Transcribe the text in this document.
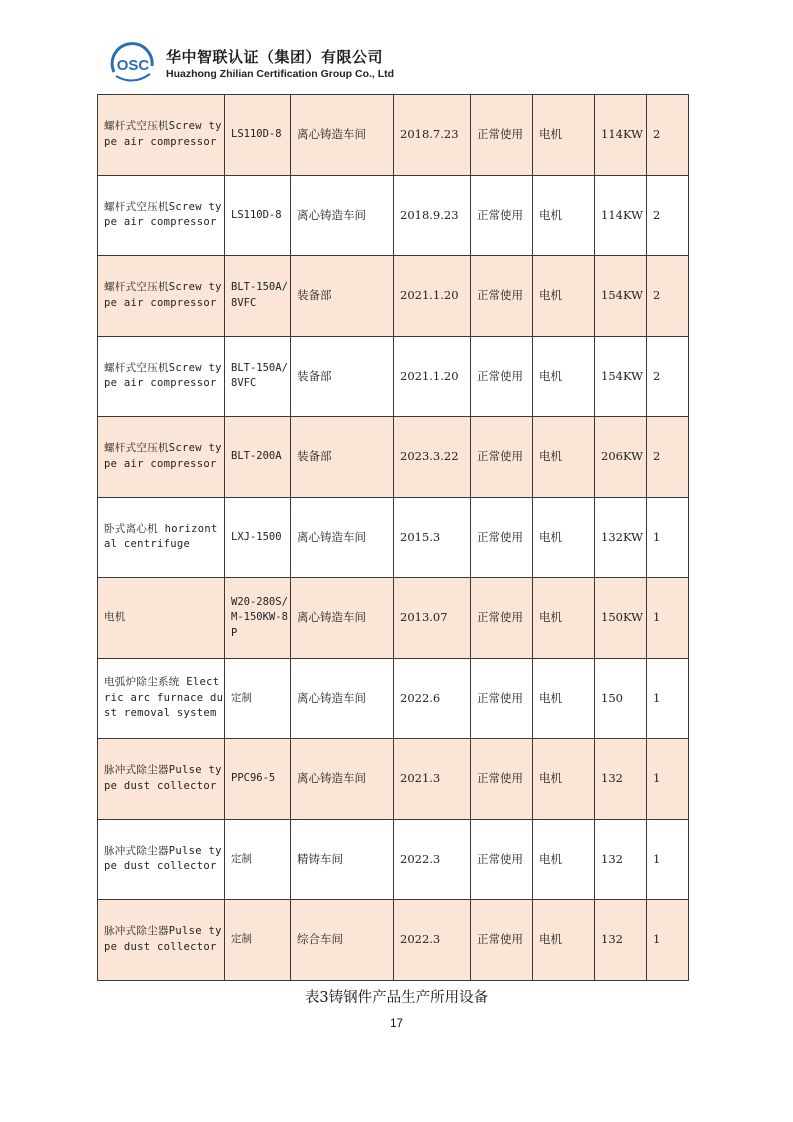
OSC 华中智联认证（集团）有限公司
Huazhong Zhilian Certification Group Co., Ltd
螺杆式空压机Screw type air compressor	LS110D-8	离心铸造车间	2018.7.23	正常使用	电机	114KW	2
螺杆式空压机Screw type air compressor	LS110D-8	离心铸造车间	2018.9.23	正常使用	电机	114KW	2
螺杆式空压机Screw type air compressor	BLT-150A/8VFC	装备部	2021.1.20	正常使用	电机	154KW	2
螺杆式空压机Screw type air compressor	BLT-150A/8VFC	装备部	2021.1.20	正常使用	电机	154KW	2
螺杆式空压机Screw type air compressor	BLT-200A	装备部	2023.3.22	正常使用	电机	206KW	2
卧式离心机 horizontal centrifuge	LXJ-1500	离心铸造车间	2015.3	正常使用	电机	132KW	1
电机	W20-280S/M-150KW-8P	离心铸造车间	2013.07	正常使用	电机	150KW	1
电弧炉除尘系统 Electric arc furnace dust removal system	定制	离心铸造车间	2022.6	正常使用	电机	150	1
脉冲式除尘器Pulse type dust collector	PPC96-5	离心铸造车间	2021.3	正常使用	电机	132	1
脉冲式除尘器Pulse type dust collector	定制	精铸车间	2022.3	正常使用	电机	132	1
脉冲式除尘器Pulse type dust collector	定制	综合车间	2022.3	正常使用	电机	132	1
表3铸钢件产品生产所用设备
17
